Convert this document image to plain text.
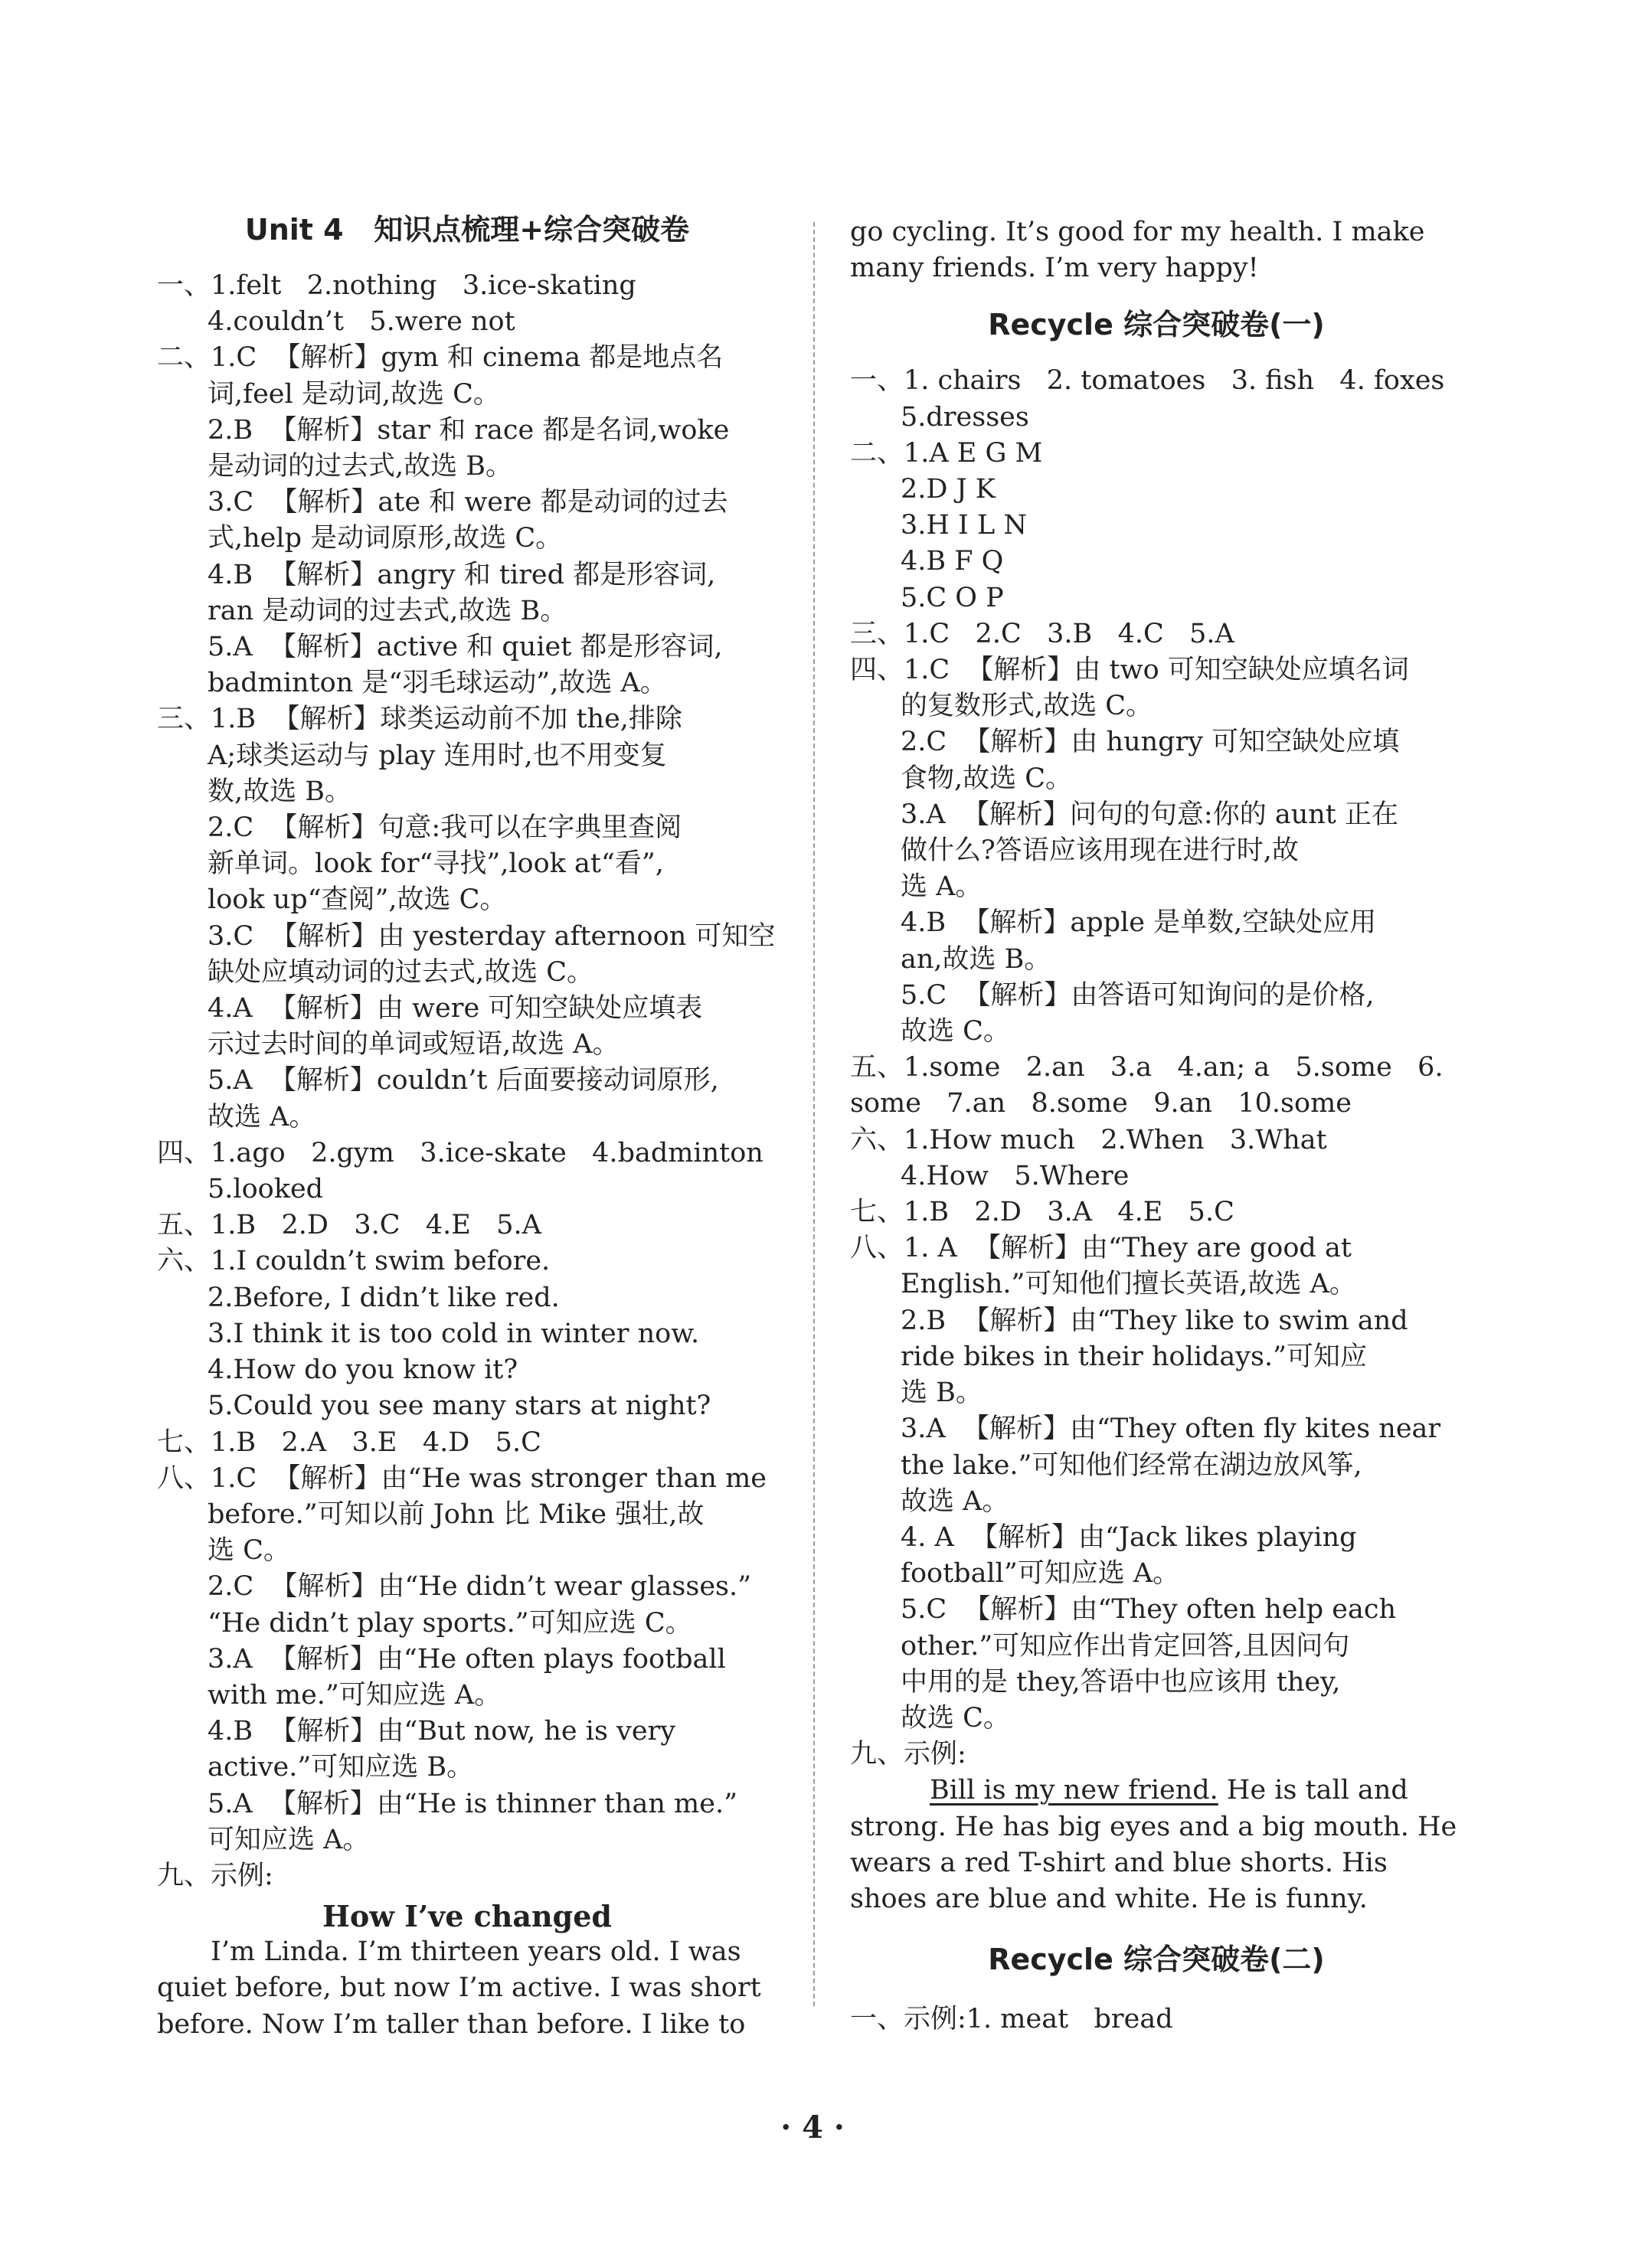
Unit 4   知识点梳理+综合突破卷

一、1.felt   2.nothing   3.ice-skating

4.couldn’t   5.were not

二、1.C  【解析】gym 和 cinema 都是地点名

词,feel 是动词,故选 C。

2.B  【解析】star 和 race 都是名词,woke

是动词的过去式,故选 B。

3.C  【解析】ate 和 were 都是动词的过去

式,help 是动词原形,故选 C。

4.B  【解析】angry 和 tired 都是形容词,

ran 是动词的过去式,故选 B。

5.A  【解析】active 和 quiet 都是形容词,

badminton 是“羽毛球运动”,故选 A。

三、1.B  【解析】球类运动前不加 the,排除

A;球类运动与 play 连用时,也不用变复

数,故选 B。

2.C  【解析】句意:我可以在字典里查阅

新单词。look for“寻找”,look at“看”,

look up“查阅”,故选 C。

3.C  【解析】由 yesterday afternoon 可知空

缺处应填动词的过去式,故选 C。

4.A  【解析】由 were 可知空缺处应填表

示过去时间的单词或短语,故选 A。

5.A  【解析】couldn’t 后面要接动词原形,

故选 A。

四、1.ago   2.gym   3.ice-skate   4.badminton

5.looked

五、1.B   2.D   3.C   4.E   5.A

六、1.I couldn’t swim before.

2.Before, I didn’t like red.

3.I think it is too cold in winter now.

4.How do you know it?

5.Could you see many stars at night?

七、1.B   2.A   3.E   4.D   5.C

八、1.C  【解析】由“He was stronger than me

before.”可知以前 John 比 Mike 强壮,故

选 C。

2.C  【解析】由“He didn’t wear glasses.”

“He didn’t play sports.”可知应选 C。

3.A  【解析】由“He often plays football

with me.”可知应选 A。

4.B  【解析】由“But now, he is very

active.”可知应选 B。

5.A  【解析】由“He is thinner than me.”

可知应选 A。

九、示例:

How I’ve changed

I’m Linda. I’m thirteen years old. I was

quiet before, but now I’m active. I was short

before. Now I’m taller than before. I like to

go cycling. It’s good for my health. I make

many friends. I’m very happy!

Recycle 综合突破卷(一)

一、1. chairs   2. tomatoes   3. fish   4. foxes

5.dresses

二、1.A E G M

2.D J K

3.H I L N

4.B F Q

5.C O P

三、1.C   2.C   3.B   4.C   5.A

四、1.C  【解析】由 two 可知空缺处应填名词

的复数形式,故选 C。

2.C  【解析】由 hungry 可知空缺处应填

食物,故选 C。

3.A  【解析】问句的句意:你的 aunt 正在

做什么?答语应该用现在进行时,故

选 A。

4.B  【解析】apple 是单数,空缺处应用

an,故选 B。

5.C  【解析】由答语可知询问的是价格,

故选 C。

五、1.some   2.an   3.a   4.an; a   5.some   6.

some   7.an   8.some   9.an   10.some

六、1.How much   2.When   3.What

4.How   5.Where

七、1.B   2.D   3.A   4.E   5.C

八、1. A  【解析】由“They are good at

English.”可知他们擅长英语,故选 A。

2.B  【解析】由“They like to swim and

ride bikes in their holidays.”可知应

选 B。

3.A  【解析】由“They often fly kites near

the lake.”可知他们经常在湖边放风筝,

故选 A。

4. A  【解析】由“Jack likes playing

football”可知应选 A。

5.C  【解析】由“They often help each

other.”可知应作出肯定回答,且因问句

中用的是 they,答语中也应该用 they,

故选 C。

九、示例:

Bill is my new friend. He is tall and

strong. He has big eyes and a big mouth. He

wears a red T-shirt and blue shorts. His

shoes are blue and white. He is funny.

Recycle 综合突破卷(二)

一、示例:1. meat   bread

· 4 ·
